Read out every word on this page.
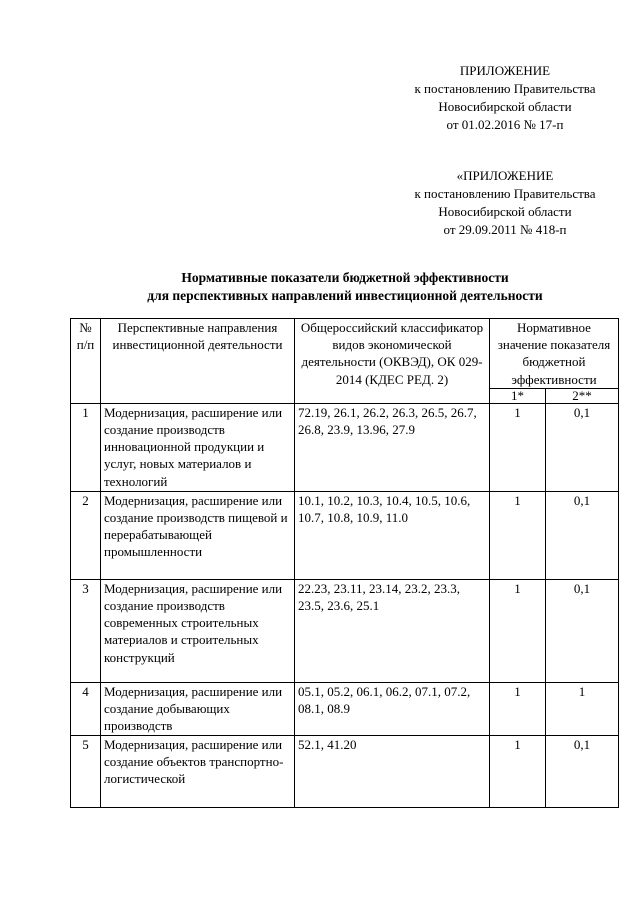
ПРИЛОЖЕНИЕ
к постановлению Правительства
Новосибирской области
от 01.02.2016 № 17-п
«ПРИЛОЖЕНИЕ
к постановлению Правительства
Новосибирской области
от 29.09.2011 № 418-п
Нормативные показатели бюджетной эффективности
для перспективных направлений инвестиционной деятельности
№ п/п	Перспективные направления инвестиционной деятельности	Общероссийский классификатор видов экономической деятельности (ОКВЭД), ОК 029-2014 (КДЕС РЕД. 2)	Нормативное значение показателя бюджетной эффективности	
			1*	2**
1	Модернизация, расширение или создание производств инновационной продукции и услуг, новых материалов и технологий	72.19, 26.1, 26.2, 26.3, 26.5, 26.7, 26.8, 23.9, 13.96, 27.9	1	0,1
2	Модернизация, расширение или создание производств пищевой и перерабатывающей промышленности	10.1, 10.2, 10.3, 10.4, 10.5, 10.6, 10.7, 10.8, 10.9, 11.0	1	0,1
3	Модернизация, расширение или создание производств современных строительных материалов и строительных конструкций	22.23, 23.11, 23.14, 23.2, 23.3, 23.5, 23.6, 25.1	1	0,1
4	Модернизация, расширение или создание добывающих производств	05.1, 05.2, 06.1, 06.2, 07.1, 07.2, 08.1, 08.9	1	1
5	Модернизация, расширение или создание объектов транспортно-логистической	52.1, 41.20	1	0,1
